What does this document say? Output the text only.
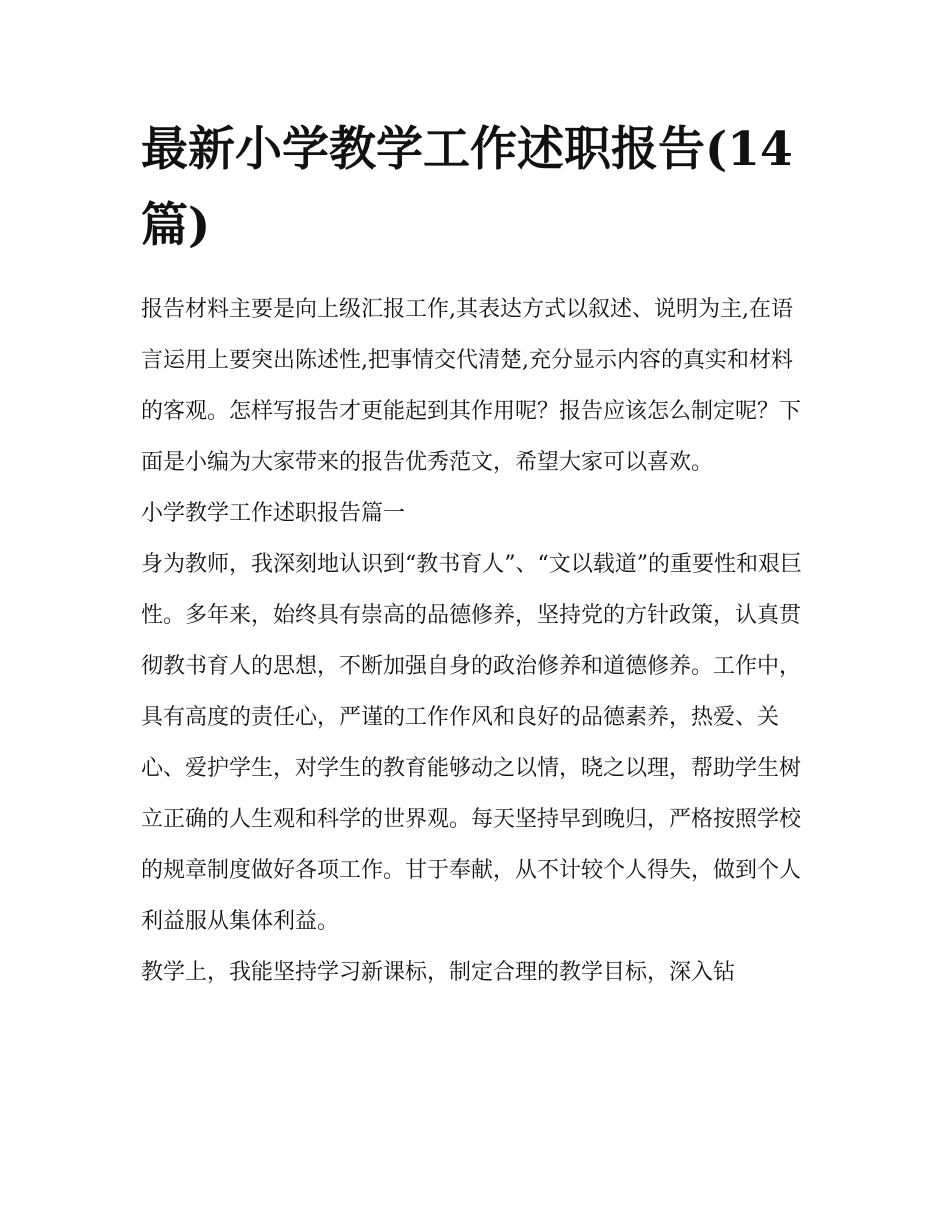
最新小学教学工作述职报告(14篇)

报告材料主要是向上级汇报工作,其表达方式以叙述、说明为主,在语言运用上要突出陈述性,把事情交代清楚,充分显示内容的真实和材料的客观。怎样写报告才更能起到其作用呢？报告应该怎么制定呢？下面是小编为大家带来的报告优秀范文，希望大家可以喜欢。

小学教学工作述职报告篇一

身为教师，我深刻地认识到“教书育人”、“文以载道”的重要性和艰巨性。多年来，始终具有崇高的品德修养，坚持党的方针政策，认真贯彻教书育人的思想，不断加强自身的政治修养和道德修养。工作中，具有高度的责任心，严谨的工作作风和良好的品德素养，热爱、关心、爱护学生，对学生的教育能够动之以情，晓之以理，帮助学生树立正确的人生观和科学的世界观。每天坚持早到晚归，严格按照学校的规章制度做好各项工作。甘于奉献，从不计较个人得失，做到个人利益服从集体利益。

教学上，我能坚持学习新课标，制定合理的教学目标，深入钻
